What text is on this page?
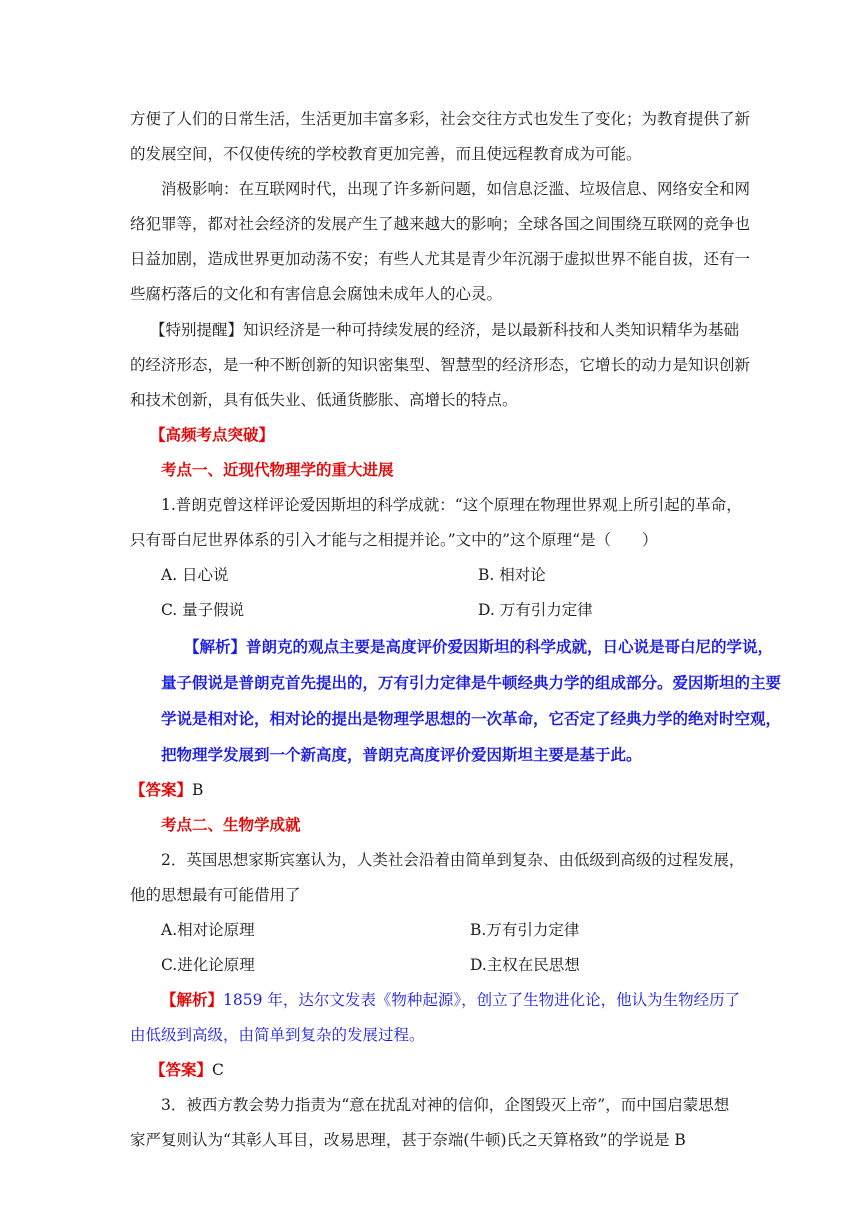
方便了人们的日常生活，生活更加丰富多彩，社会交往方式也发生了变化；为教育提供了新
的发展空间，不仅使传统的学校教育更加完善，而且使远程教育成为可能。
消极影响：在互联网时代，出现了许多新问题，如信息泛滥、垃圾信息、网络安全和网
络犯罪等，都对社会经济的发展产生了越来越大的影响；全球各国之间围绕互联网的竞争也
日益加剧，造成世界更加动荡不安；有些人尤其是青少年沉溺于虚拟世界不能自拔，还有一
些腐朽落后的文化和有害信息会腐蚀未成年人的心灵。
【特别提醒】知识经济是一种可持续发展的经济，是以最新科技和人类知识精华为基础
的经济形态，是一种不断创新的知识密集型、智慧型的经济形态，它增长的动力是知识创新
和技术创新，具有低失业、低通货膨胀、高增长的特点。
【高频考点突破】
考点一、近现代物理学的重大进展
1.普朗克曾这样评论爱因斯坦的科学成就：“这个原理在物理世界观上所引起的革命，
只有哥白尼世界体系的引入才能与之相提并论。”文中的”这个原理“是（　　）
A. 日心说	B. 相对论
C. 量子假说	D. 万有引力定律
【解析】普朗克的观点主要是高度评价爱因斯坦的科学成就，日心说是哥白尼的学说，
量子假说是普朗克首先提出的，万有引力定律是牛顿经典力学的组成部分。爱因斯坦的主要
学说是相对论，相对论的提出是物理学思想的一次革命，它否定了经典力学的绝对时空观，
把物理学发展到一个新高度，普朗克高度评价爱因斯坦主要是基于此。
【答案】B
考点二、生物学成就
2．英国思想家斯宾塞认为，人类社会沿着由简单到复杂、由低级到高级的过程发展，
他的思想最有可能借用了
A.相对论原理	B.万有引力定律
C.进化论原理	D.主权在民思想
【解析】1859 年，达尔文发表《物种起源》，创立了生物进化论，他认为生物经历了
由低级到高级，由简单到复杂的发展过程。
【答案】C
3．被西方教会势力指责为“意在扰乱对神的信仰，企图毁灭上帝”，而中国启蒙思想
家严复则认为“其彰人耳目，改易思理，甚于奈端(牛顿)氏之天算格致”的学说是 B
